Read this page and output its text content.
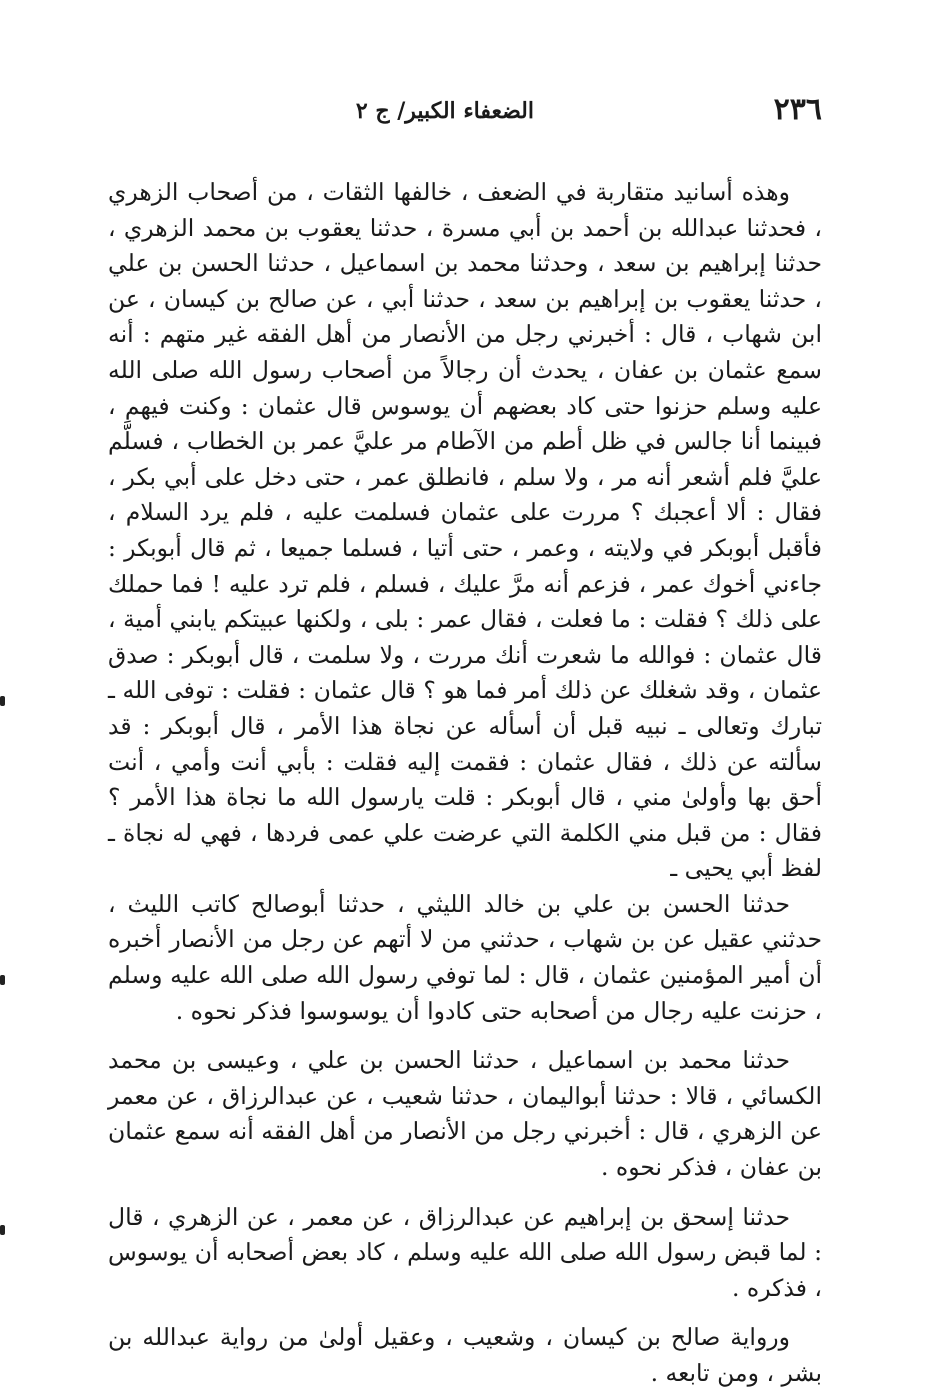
٢٣٦
الضعفاء الكبير/ ج ٢

وهذه أسانيد متقاربة في الضعف ، خالفها الثقات ، من أصحاب الزهري ، فحدثنا عبدالله بن أحمد بن أبي مسرة ، حدثنا يعقوب بن محمد الزهري ، حدثنا إبراهيم بن سعد ، وحدثنا محمد بن اسماعيل ، حدثنا الحسن بن علي ، حدثنا يعقوب بن إبراهيم بن سعد ، حدثنا أبي ، عن صالح بن كيسان ، عن ابن شهاب ، قال : أخبرني رجل من الأنصار من أهل الفقه غير متهم : أنه سمع عثمان بن عفان ، يحدث أن رجالاً من أصحاب رسول الله صلى الله عليه وسلم حزنوا حتى كاد بعضهم أن يوسوس قال عثمان : وكنت فيهم ، فبينما أنا جالس في ظل أطم من الآطام مر عليَّ عمر بن الخطاب ، فسلَّم عليَّ فلم أشعر أنه مر ، ولا سلم ، فانطلق عمر ، حتى دخل على أبي بكر ، فقال : ألا أعجبك ؟ مررت على عثمان فسلمت عليه ، فلم يرد السلام ، فأقبل أبوبكر في ولايته ، وعمر ، حتى أتيا ، فسلما جميعا ، ثم قال أبوبكر : جاءني أخوك عمر ، فزعم أنه مرَّ عليك ، فسلم ، فلم ترد عليه ! فما حملك على ذلك ؟ فقلت : ما فعلت ، فقال عمر : بلى ، ولكنها عبيتكم يابني أمية ، قال عثمان : فوالله ما شعرت أنك مررت ، ولا سلمت ، قال أبوبكر : صدق عثمان ، وقد شغلك عن ذلك أمر فما هو ؟ قال عثمان : فقلت : توفى الله ـ تبارك وتعالى ـ نبيه قبل أن أسأله عن نجاة هذا الأمر ، قال أبوبكر : قد سألته عن ذلك ، فقال عثمان : فقمت إليه فقلت : بأبي أنت وأمي ، أنت أحق بها وأولىٰ مني ، قال أبوبكر : قلت يارسول الله ما نجاة هذا الأمر ؟ فقال : من قبل مني الكلمة التي عرضت علي عمى فردها ، فهي له نجاة ـ لفظ أبي يحيى ـ

حدثنا الحسن بن علي بن خالد الليثي ، حدثنا أبوصالح كاتب الليث ، حدثني عقيل عن بن شهاب ، حدثني من لا أتهم عن رجل من الأنصار أخبره أن أمير المؤمنين عثمان ، قال : لما توفي رسول الله صلى الله عليه وسلم ، حزنت عليه رجال من أصحابه حتى كادوا أن يوسوسوا فذكر نحوه .

حدثنا محمد بن اسماعيل ، حدثنا الحسن بن علي ، وعيسى بن محمد الكسائي ، قالا : حدثنا أبواليمان ، حدثنا شعيب ، عن عبدالرزاق ، عن معمر عن الزهري ، قال : أخبرني رجل من الأنصار من أهل الفقه أنه سمع عثمان بن عفان ، فذكر نحوه .

حدثنا إسحق بن إبراهيم عن عبدالرزاق ، عن معمر ، عن الزهري ، قال : لما قبض رسول الله صلى الله عليه وسلم ، كاد بعض أصحابه أن يوسوس ، فذكره .

ورواية صالح بن كيسان ، وشعيب ، وعقيل أولىٰ من رواية عبدالله بن بشر ، ومن تابعه .
